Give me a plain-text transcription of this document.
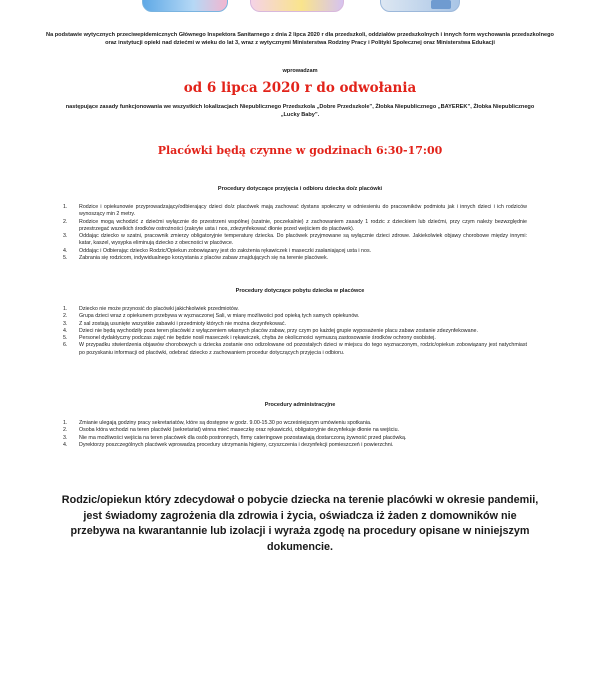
Na podstawie wytycznych przeciwepidemicznych Głównego Inspektora Sanitarnego z dnia 2 lipca 2020 r dla przedszkoli, oddziałów przedszkolnych i innych form wychowania przedszkolnego oraz instytucji opieki nad dziećmi w wieku do lat 3, wraz z wytycznymi Ministerstwa Rodziny Pracy i Polityki Społecznej oraz Ministerstwa Edukacji
wprowadzam
od 6 lipca 2020 r do odwołania
następujące zasady funkcjonowania we wszystkich lokalizacjach Niepublicznego Przedszkola „Dobre Przedszkole”, Żłobka Niepublicznego „BAYEREK”, Żłobka Niepublicznego „Lucky Baby”.
Placówki będą czynne w godzinach 6:30-17:00
Procedury dotyczące przyjęcia i odbioru dziecka do/z placówki
1. Rodzice i opiekunowie przyprowadzający/odbierający dzieci do/z placówek mają zachować dystans społeczny w odniesieniu do pracowników podmiotu jak i innych dzieci i ich rodziców wynoszący min 2 metry.
2. Rodzice mogą wchodzić z dziećmi wyłącznie do przestrzeni wspólnej (szatnie, poczekalnie) z zachowaniem zasady 1 rodzic z dzieckiem lub dziećmi, przy czym należy bezwzględnie przestrzegać wszelkich środków ostrożności (zakryte usta i nos, zdezynfekować dłonie przed wejściem do placówek).
3. Oddając dziecko w szatni, pracownik zmierzy obligatoryjnie temperaturę dziecka. Do placówek przyjmowane są wyłącznie dzieci zdrowe. Jakiekolwiek objawy chorobowe między innymi: katar, kaszel, wysypka eliminują dziecko z obecności w placówce.
4. Oddając i Odbierając dziecko Rodzic/Opiekun zobowiązany jest do założenia rękawiczek i maseczki zasłaniającej usta i nos.
5. Zabrania się rodzicom, indywidualnego korzystania z placów zabaw znajdujących się na terenie placówek.
Procedury dotyczące pobytu dziecka w placówce
1. Dziecko nie może przynosić do placówki jakichkolwiek przedmiotów.
2. Grupa dzieci wraz z opiekunem przebywa w wyznaczonej Sali, w miarę możliwości pod opieką tych samych opiekunów.
3. Z sal zostają usunięte wszystkie zabawki i przedmioty których nie można dezynfekować.
4. Dzieci nie będą wychodziły poza teren placówki z wyłączeniem własnych placów zabaw, przy czym po każdej grupie wyposażenie placu zabaw zostanie zdezynfekowane.
5. Personel dydaktyczny podczas zajęć nie będzie nosił maseczek i rękawiczek, chyba że okoliczności wymuszą zastosowanie środków ochrony osobistej.
6. W przypadku stwierdzenia objawów chorobowych u dziecka zostanie ono odizolowane od pozostałych dzieci w miejscu do tego wyznaczonym, rodzic/opiekun zobowiązany jest natychmiast po pozyskaniu informacji od placówki, odebrać dziecko z zachowaniem procedur dotyczących przyjęcia i odbioru.
Procedury administracyjne
1. Zmianie ulegają godziny pracy sekretariatów, które są dostępne w godz. 9.00-15.30 po wcześniejszym umówieniu spotkania.
2. Osoba która wchodzi na teren placówki (sekretariat) winna mieć maseczkę oraz rękawiczki, obligatoryjnie dezynfekuje dłonie na wejściu.
3. Nie ma możliwości wejścia na teren placówek dla osób postronnych, firmy cateringowe pozostawiają dostarczoną żywność przed placówką.
4. Dyrektorzy poszczególnych placówek wprowadzą procedury utrzymania higieny, czyszczenia i dezynfekcji pomieszczeń i powierzchni.
Rodzic/opiekun który zdecydował o pobycie dziecka na terenie placówki w okresie pandemii, jest świadomy zagrożenia dla zdrowia i życia, oświadcza iż żaden z domowników nie przebywa na kwarantannie lub izolacji i wyraża zgodę na procedury opisane w niniejszym dokumencie.
